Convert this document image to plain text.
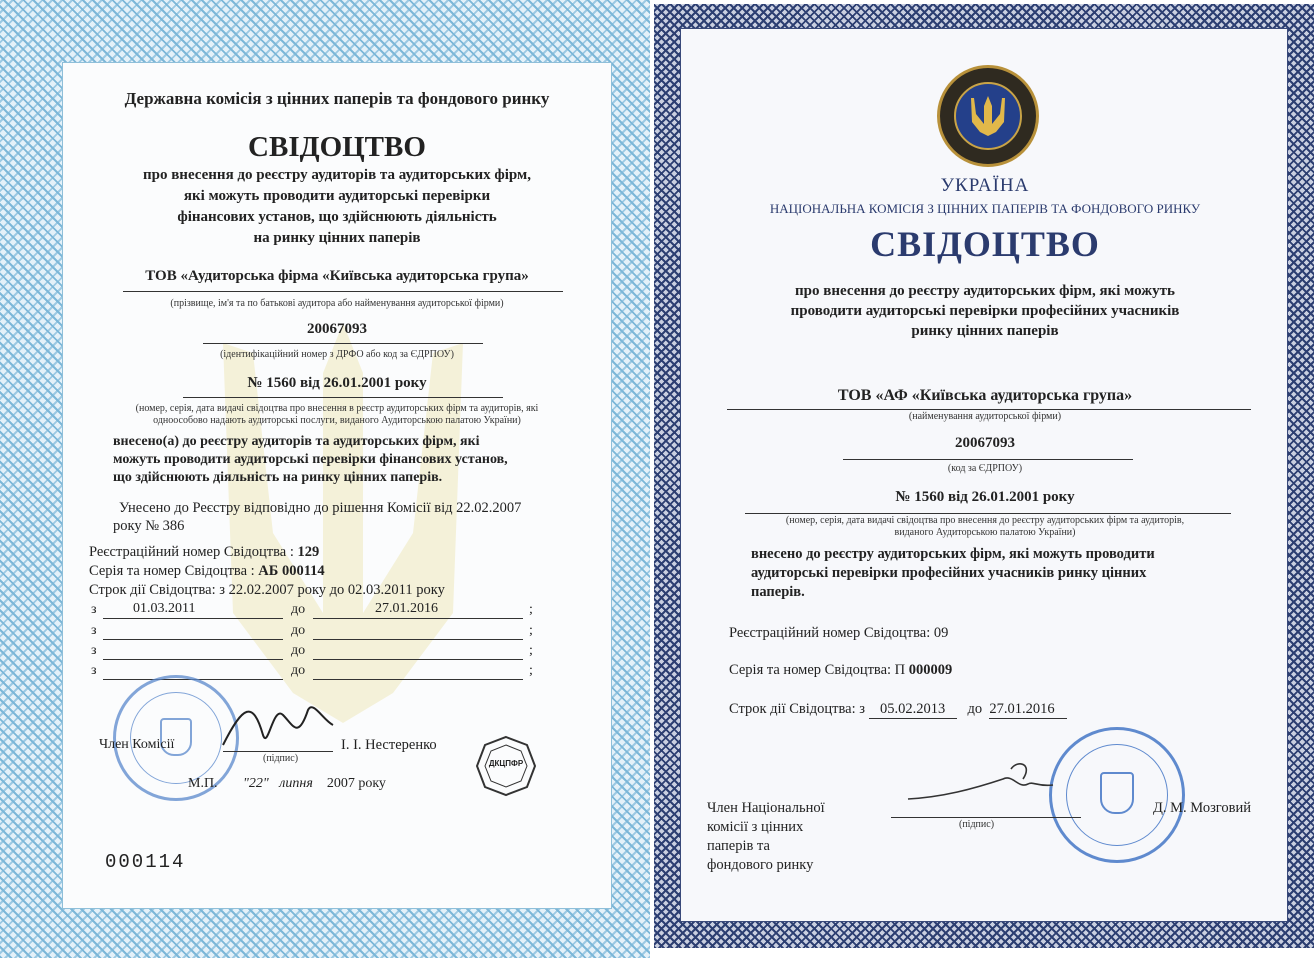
Державна комісія з цінних паперів та фондового ринку
СВІДОЦТВО
про внесення до реєстру аудиторів та аудиторських фірм,
які можуть проводити аудиторські перевірки
фінансових установ, що здійснюють діяльність
на ринку цінних паперів
ТОВ «Аудиторська фірма «Київська аудиторська група»
(прізвище, ім'я та по батькові аудитора або найменування аудиторської фірми)
20067093
(ідентифікаційний номер з ДРФО або код за ЄДРПОУ)
№ 1560 від 26.01.2001 року
(номер, серія, дата видачі свідоцтва про внесення в реєстр аудиторських фірм та аудиторів, які
одноособово надають аудиторські послуги, виданого Аудиторською палатою України)
внесено(а) до реєстру аудиторів та аудиторських фірм, які
можуть проводити аудиторські перевірки фінансових установ,
що здійснюють діяльність на ринку цінних паперів.
Унесено до Реєстру відповідно до рішення Комісії від 22.02.2007
року № 386
Реєстраційний номер Свідоцтва : 129
Серія та номер Свідоцтва : АБ 000114
Строк дії Свідоцтва: з 22.02.2007 року до 02.03.2011 року
з	01.03.2011	до	27.01.2016	;
з	до	;
з	до	;
з	до	;
Член Комісії
(підпис)
І. І. Нестеренко
М.П. "22" липня 2007 року
ДКЦПФР
000114
УКРАЇНА
НАЦІОНАЛЬНА КОМІСІЯ З ЦІННИХ ПАПЕРІВ ТА ФОНДОВОГО РИНКУ
СВІДОЦТВО
про внесення до реєстру аудиторських фірм, які можуть
проводити аудиторські перевірки професійних учасників
ринку цінних паперів
ТОВ «АФ «Київська аудиторська група»
(найменування аудиторської фірми)
20067093
(код за ЄДРПОУ)
№ 1560 від 26.01.2001 року
(номер, серія, дата видачі свідоцтва про внесення до реєстру аудиторських фірм та аудиторів,
виданого Аудиторською палатою України)
внесено до реєстру аудиторських фірм, які можуть проводити
аудиторські перевірки професійних учасників ринку цінних
паперів.
Реєстраційний номер Свідоцтва: 09
Серія та номер Свідоцтва: П 000009
Строк дії Свідоцтва: з 05.02.2013 до 27.01.2016
Член Національної
комісії з цінних
паперів та
фондового ринку
(підпис)
Д. М. Мозговий
